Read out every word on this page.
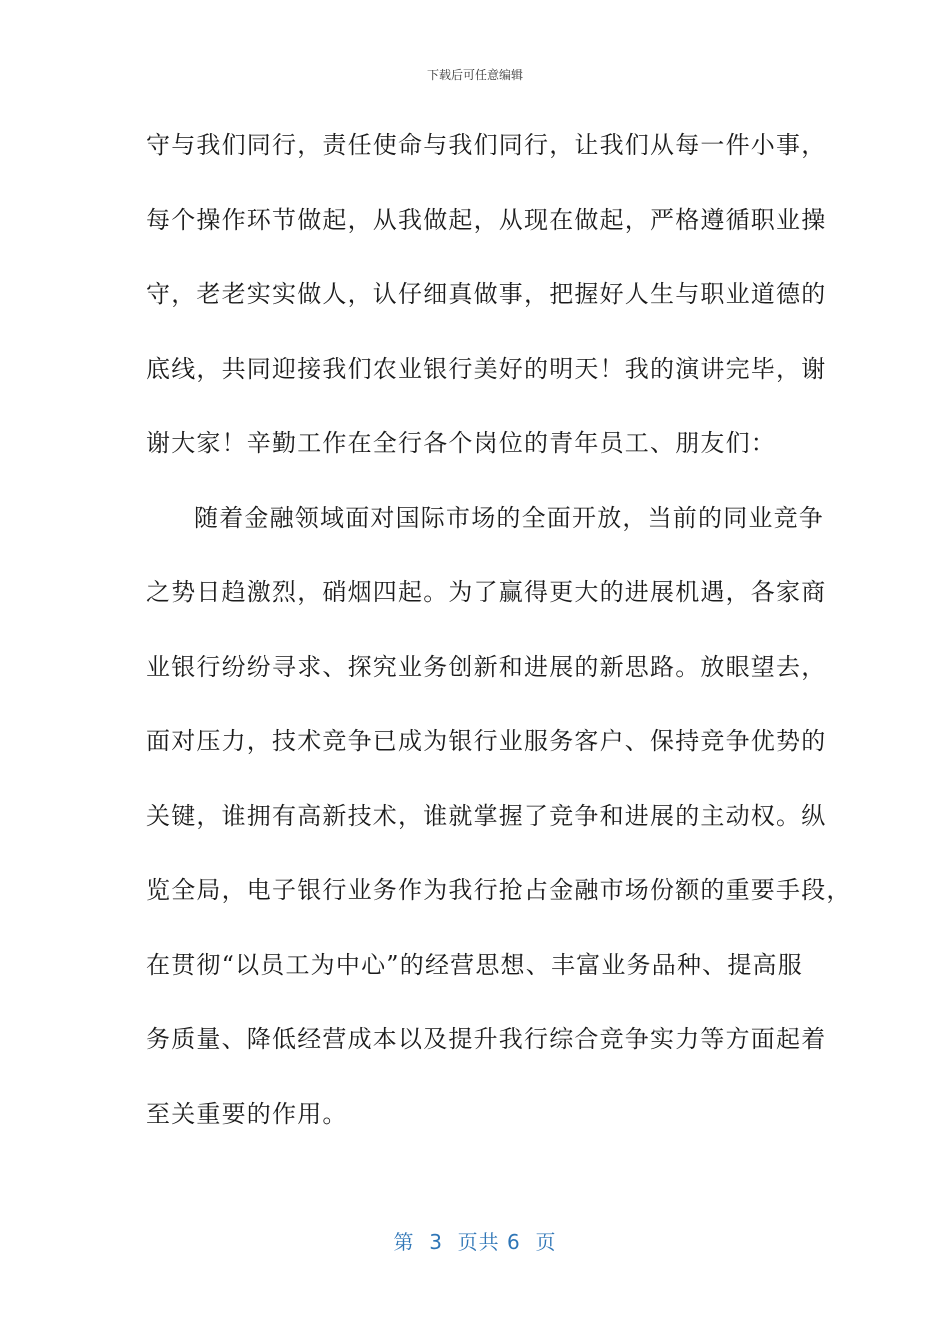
下载后可任意编辑
守与我们同行，责任使命与我们同行，让我们从每一件小事，
每个操作环节做起，从我做起，从现在做起，严格遵循职业操
守，老老实实做人，认仔细真做事，把握好人生与职业道德的
底线，共同迎接我们农业银行美好的明天！我的演讲完毕，谢
谢大家！辛勤工作在全行各个岗位的青年员工、朋友们：
随着金融领域面对国际市场的全面开放，当前的同业竞争
之势日趋激烈，硝烟四起。为了赢得更大的进展机遇，各家商
业银行纷纷寻求、探究业务创新和进展的新思路。放眼望去，
面对压力，技术竞争已成为银行业服务客户、保持竞争优势的
关键，谁拥有高新技术，谁就掌握了竞争和进展的主动权。纵
览全局，电子银行业务作为我行抢占金融市场份额的重要手段，
在贯彻“以员工为中心”的经营思想、丰富业务品种、提高服
务质量、降低经营成本以及提升我行综合竞争实力等方面起着
至关重要的作用。
第  3  页共 6  页
